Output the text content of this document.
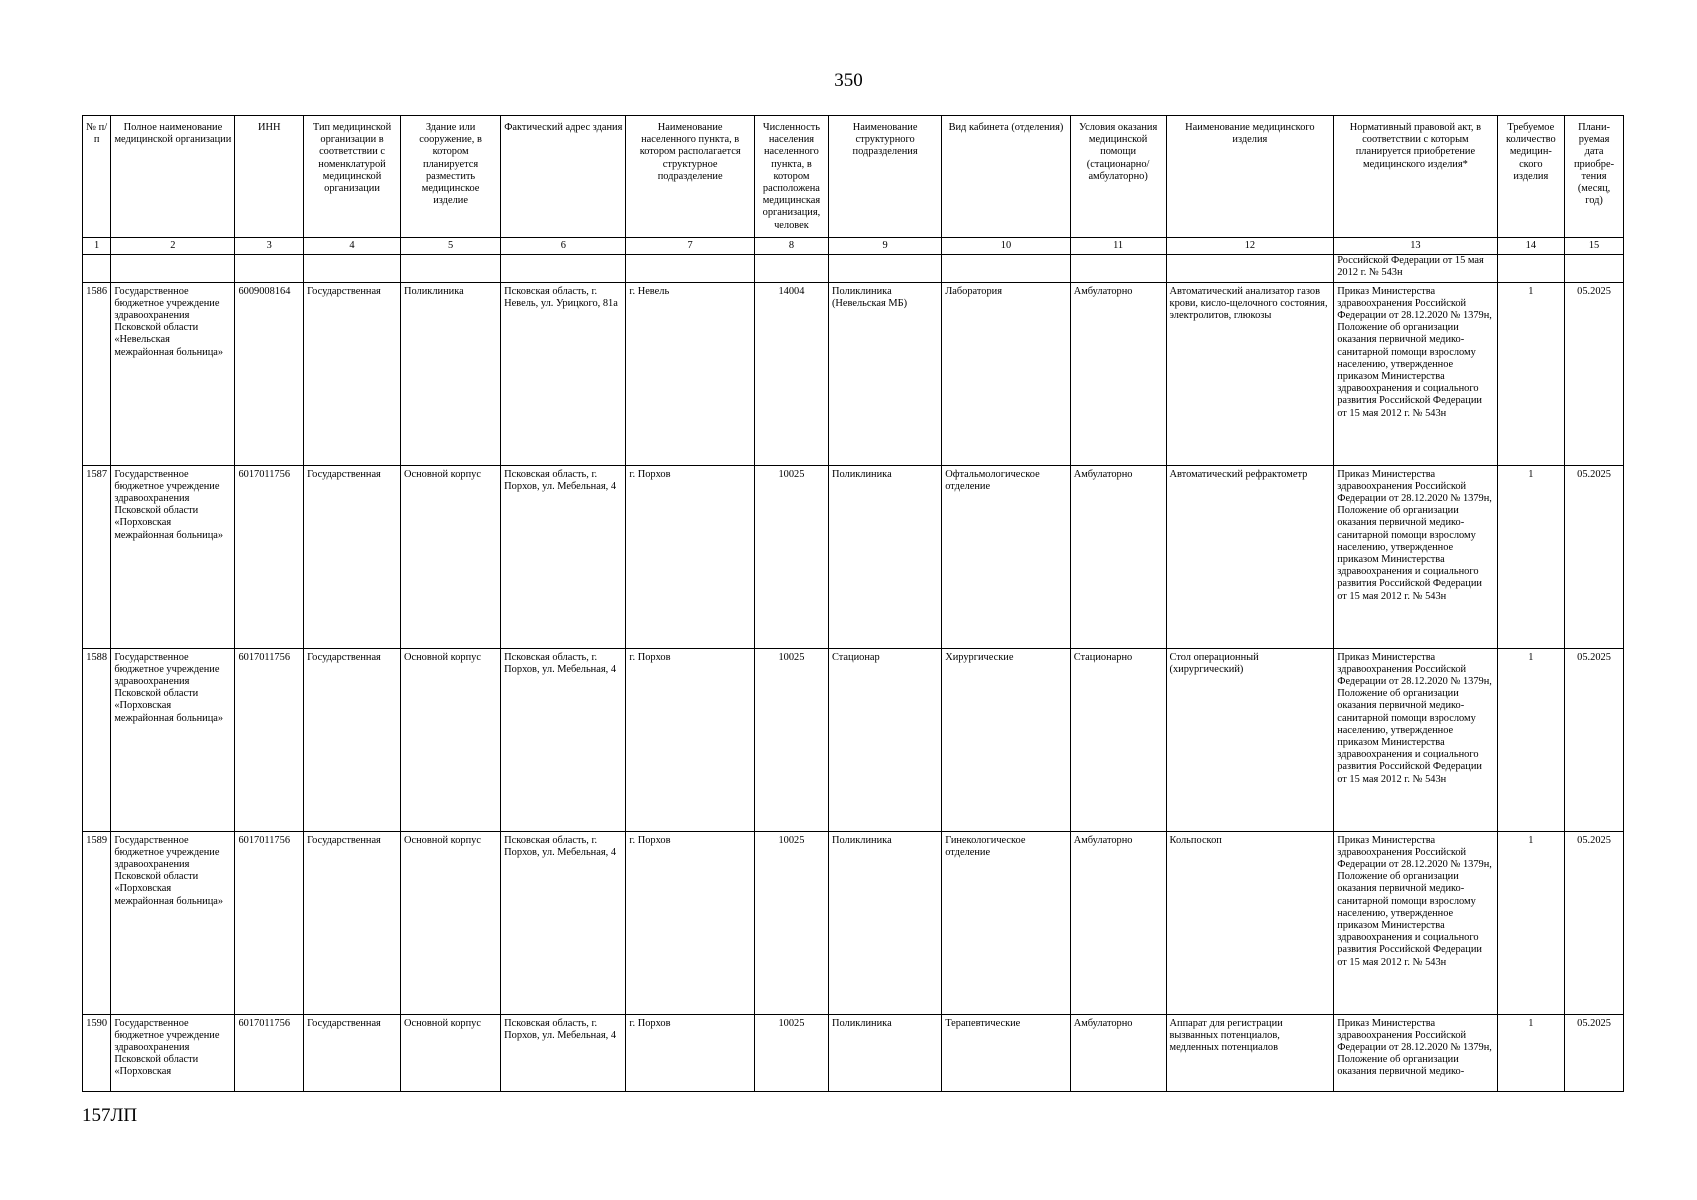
350
№ п/п	Полное наименование медицинской организации	ИНН	Тип медицинской организации в соответствии с номенклатурой медицинской организации	Здание или сооружение, в котором планируется разместить медицинское изделие	Фактический адрес здания	Наименование населенного пункта, в котором располагается структурное подразделение	Численность населения населенного пункта, в котором расположена медицинская организация, человек	Наименование структурного подразделения	Вид кабинета (отделения)	Условия оказания медицинской помощи (стационарно/ амбулаторно)	Наименование медицинского изделия	Нормативный правовой акт, в соответствии с которым планируется приобретение медицинского изделия*	Требуемое количество медицин-ского изделия	Плани-руемая дата приобре-тения (месяц, год)
1	2	3	4	5	6	7	8	9	10	11	12	13	14	15
												Российской Федерации от 15 мая 2012 г. № 543н		
1586	Государственное бюджетное учреждение здравоохранения Псковской области «Невельская межрайонная больница»	6009008164	Государственная	Поликлиника	Псковская область, г. Невель, ул. Урицкого, 81а	г. Невель	14004	Поликлиника (Невельская МБ)	Лаборатория	Амбулаторно	Автоматический анализатор газов крови, кисло-щелочного состояния, электролитов, глюкозы	Приказ Министерства здравоохранения Российской Федерации от 28.12.2020 № 1379н, Положение об организации оказания первичной медико-санитарной помощи взрослому населению, утвержденное приказом Министерства здравоохранения и социального развития Российской Федерации от 15 мая 2012 г. № 543н	1	05.2025
1587	Государственное бюджетное учреждение здравоохранения Псковской области «Порховская межрайонная больница»	6017011756	Государственная	Основной корпус	Псковская область, г. Порхов, ул. Мебельная, 4	г. Порхов	10025	Поликлиника	Офтальмологическое отделение	Амбулаторно	Автоматический рефрактометр	Приказ Министерства здравоохранения Российской Федерации от 28.12.2020 № 1379н, Положение об организации оказания первичной медико-санитарной помощи взрослому населению, утвержденное приказом Министерства здравоохранения и социального развития Российской Федерации от 15 мая 2012 г. № 543н	1	05.2025
1588	Государственное бюджетное учреждение здравоохранения Псковской области «Порховская межрайонная больница»	6017011756	Государственная	Основной корпус	Псковская область, г. Порхов, ул. Мебельная, 4	г. Порхов	10025	Стационар	Хирургические	Стационарно	Стол операционный (хирургический)	Приказ Министерства здравоохранения Российской Федерации от 28.12.2020 № 1379н, Положение об организации оказания первичной медико-санитарной помощи взрослому населению, утвержденное приказом Министерства здравоохранения и социального развития Российской Федерации от 15 мая 2012 г. № 543н	1	05.2025
1589	Государственное бюджетное учреждение здравоохранения Псковской области «Порховская межрайонная больница»	6017011756	Государственная	Основной корпус	Псковская область, г. Порхов, ул. Мебельная, 4	г. Порхов	10025	Поликлиника	Гинекологическое отделение	Амбулаторно	Кольпоскоп	Приказ Министерства здравоохранения Российской Федерации от 28.12.2020 № 1379н, Положение об организации оказания первичной медико-санитарной помощи взрослому населению, утвержденное приказом Министерства здравоохранения и социального развития Российской Федерации от 15 мая 2012 г. № 543н	1	05.2025
1590	Государственное бюджетное учреждение здравоохранения Псковской области «Порховская	6017011756	Государственная	Основной корпус	Псковская область, г. Порхов, ул. Мебельная, 4	г. Порхов	10025	Поликлиника	Терапевтические	Амбулаторно	Аппарат для регистрации вызванных потенциалов, медленных потенциалов	Приказ Министерства здравоохранения Российской Федерации от 28.12.2020 № 1379н, Положение об организации оказания первичной медико-	1	05.2025
157ЛП
